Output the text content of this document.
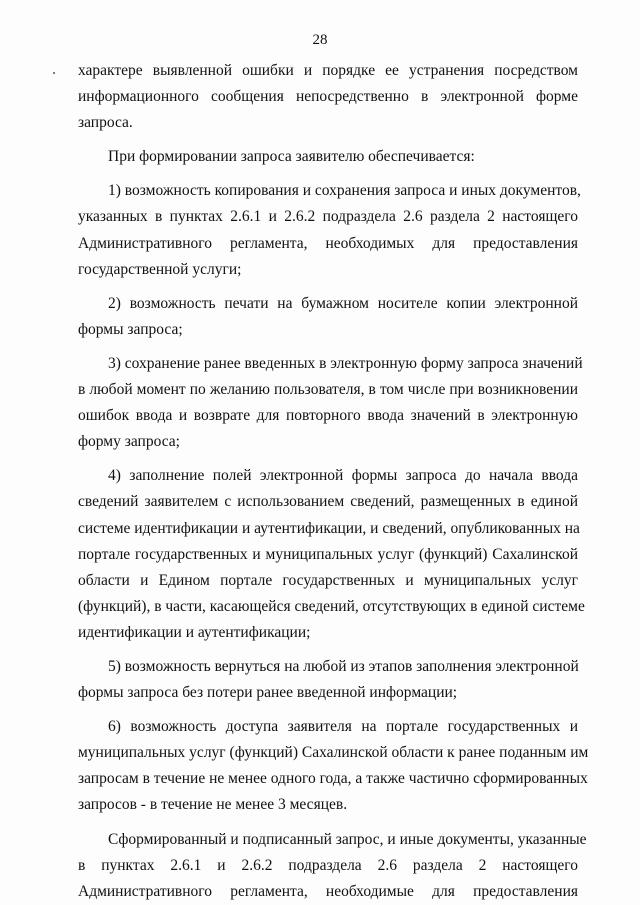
28
характере выявленной ошибки и порядке ее устранения посредством
информационного сообщения непосредственно в электронной форме
запроса.
При формировании запроса заявителю обеспечивается:
1) возможность копирования и сохранения запроса и иных документов,
указанных в пунктах 2.6.1 и 2.6.2 подраздела 2.6 раздела 2 настоящего
Административного регламента, необходимых для предоставления
государственной услуги;
2) возможность печати на бумажном носителе копии электронной
формы запроса;
3) сохранение ранее введенных в электронную форму запроса значений
в любой момент по желанию пользователя, в том числе при возникновении
ошибок ввода и возврате для повторного ввода значений в электронную
форму запроса;
4) заполнение полей электронной формы запроса до начала ввода
сведений заявителем с использованием сведений, размещенных в единой
системе идентификации и аутентификации, и сведений, опубликованных на
портале государственных и муниципальных услуг (функций) Сахалинской
области и Едином портале государственных и муниципальных услуг
(функций), в части, касающейся сведений, отсутствующих в единой системе
идентификации и аутентификации;
5) возможность вернуться на любой из этапов заполнения электронной
формы запроса без потери ранее введенной информации;
6) возможность доступа заявителя на портале государственных и
муниципальных услуг (функций) Сахалинской области к ранее поданным им
запросам в течение не менее одного года, а также частично сформированных
запросов - в течение не менее 3 месяцев.
Сформированный и подписанный запрос, и иные документы, указанные
в пунктах 2.6.1 и 2.6.2 подраздела 2.6 раздела 2 настоящего
Административного регламента, необходимые для предоставления
